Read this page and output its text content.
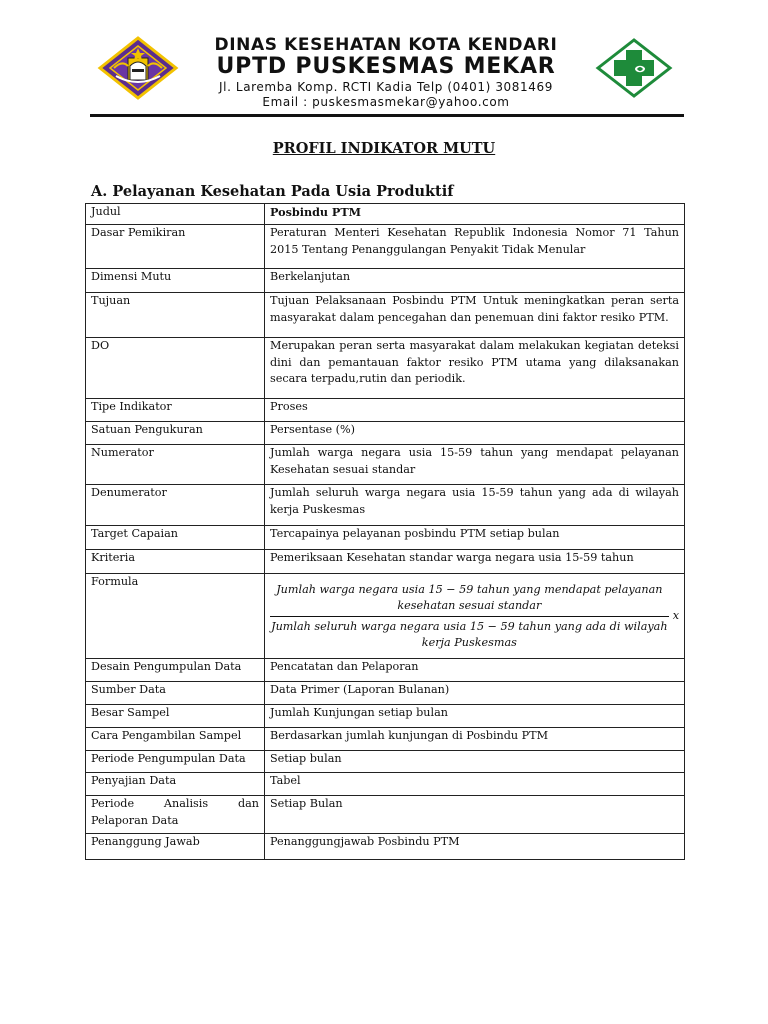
DINAS KESEHATAN KOTA KENDARI
UPTD PUSKESMAS MEKAR
Jl. Laremba Komp. RCTI Kadia Telp (0401) 3081469
Email : puskesmasmekar@yahoo.com
PROFIL INDIKATOR MUTU
A. Pelayanan Kesehatan Pada Usia Produktif
Judul	Posbindu PTM
Dasar Pemikiran	Peraturan Menteri Kesehatan Republik Indonesia Nomor 71 Tahun 2015 Tentang Penanggulangan Penyakit Tidak Menular
Dimensi Mutu	Berkelanjutan
Tujuan	Tujuan Pelaksanaan Posbindu PTM Untuk meningkatkan peran serta masyarakat dalam pencegahan dan penemuan dini faktor resiko PTM.
DO	Merupakan peran serta masyarakat dalam melakukan kegiatan deteksi dini dan pemantauan faktor resiko PTM utama yang dilaksanakan secara terpadu,rutin dan periodik.
Tipe Indikator	Proses
Satuan Pengukuran	Persentase (%)
Numerator	Jumlah warga negara usia 15-59 tahun yang mendapat pelayanan Kesehatan sesuai standar
Denumerator	Jumlah seluruh warga negara usia 15-59 tahun yang ada di wilayah kerja Puskesmas
Target Capaian	Tercapainya pelayanan posbindu PTM setiap bulan
Kriteria	Pemeriksaan Kesehatan standar warga negara usia 15-59 tahun
Formula	Jumlah warga negara usia 15 − 59 tahun yang mendapat pelayanan kesehatan sesuai standar
Jumlah seluruh warga negara usia 15 − 59 tahun yang ada di wilayah kerja Puskesmas
x

Desain Pengumpulan Data	Pencatatan dan Pelaporan
Sumber Data	Data Primer (Laporan Bulanan)
Besar Sampel	Jumlah Kunjungan setiap bulan
Cara Pengambilan Sampel	Berdasarkan jumlah kunjungan di Posbindu PTM
Periode Pengumpulan Data	Setiap bulan
Penyajian Data	Tabel
Periode Analisis dan Pelaporan Data	Setiap Bulan
Penanggung Jawab	Penanggungjawab Posbindu PTM
